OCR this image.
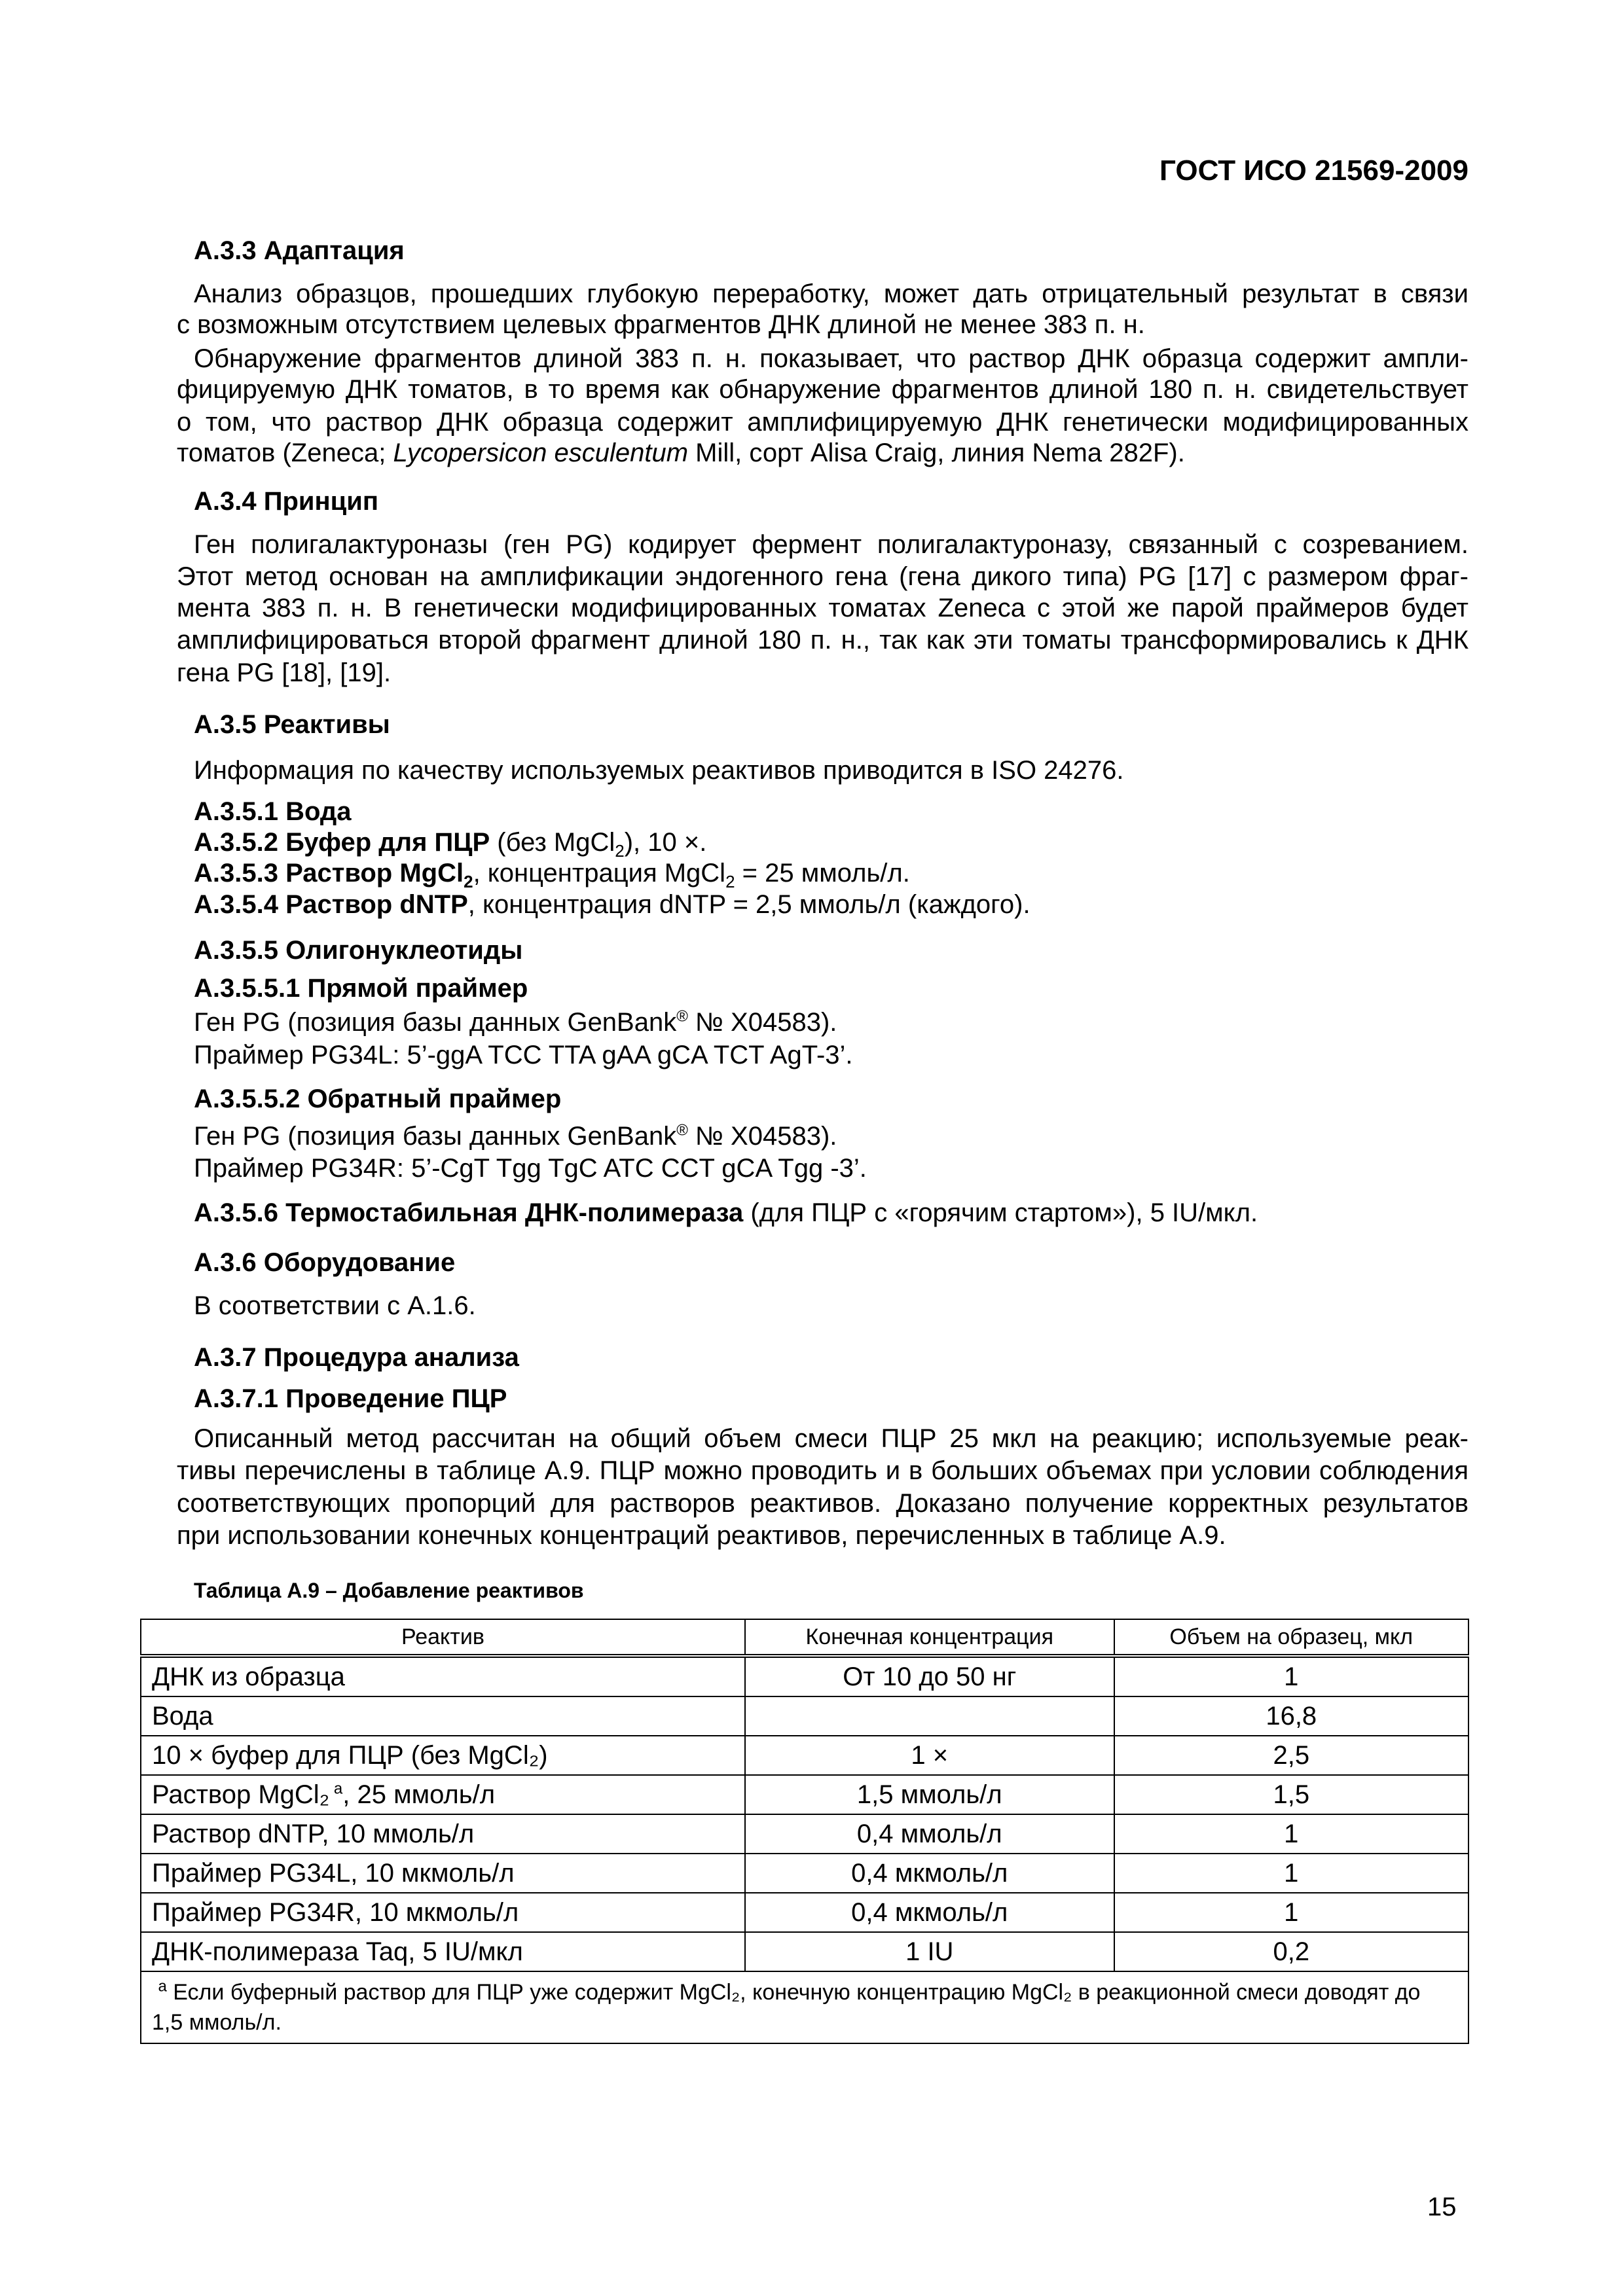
ГОСТ ИСО 21569-2009
А.3.3 Адаптация
Анализ образцов, прошедших глубокую переработку, может дать отрицательный результат в связи
с возможным отсутствием целевых фрагментов ДНК длиной не менее 383 п. н.
Обнаружение фрагментов длиной 383 п. н. показывает, что раствор ДНК образца содержит ампли-
фицируемую ДНК томатов, в то время как обнаружение фрагментов длиной 180 п. н. свидетельствует
о том, что раствор ДНК образца содержит амплифицируемую ДНК генетически модифицированных
томатов (Zeneca; Lycopersicon esculentum Mill, сорт Alisa Craig, линия Nema 282F).
А.3.4 Принцип
Ген полигалактуроназы (ген PG) кодирует фермент полигалактуроназу, связанный с созреванием.
Этот метод основан на амплификации эндогенного гена (гена дикого типа) PG [17] с размером фраг-
мента 383 п. н. В генетически модифицированных томатах Zeneca с этой же парой праймеров будет
амплифицироваться второй фрагмент длиной 180 п. н., так как эти томаты трансформировались к ДНК
гена PG [18], [19].
А.3.5 Реактивы
Информация по качеству используемых реактивов приводится в ISO 24276.
А.3.5.1 Вода
А.3.5.2 Буфер для ПЦР (без MgCl$_2$), 10 ×.
А.3.5.3 Раствор MgCl$_2$, концентрация MgCl$_2$ = 25 ммоль/л.
А.3.5.4 Раствор dNTP, концентрация dNTP = 2,5 ммоль/л (каждого).
А.3.5.5 Олигонуклеотиды
А.3.5.5.1 Прямой праймер
Ген PG (позиция базы данных GenBank® № X04583).
Праймер PG34L: 5’-ggA TCC TTA gAA gCA TCT AgT-3’.
А.3.5.5.2 Обратный праймер
Ген PG (позиция базы данных GenBank® № X04583).
Праймер PG34R: 5’-CgT Tgg TgC ATC CCT gCA Tgg -3’.
А.3.5.6 Термостабильная ДНК-полимераза (для ПЦР с «горячим стартом»), 5 IU/мкл.
А.3.6 Оборудование
В соответствии с А.1.6.
А.3.7 Процедура анализа
А.3.7.1 Проведение ПЦР
Описанный метод рассчитан на общий объем смеси ПЦР 25 мкл на реакцию; используемые реак-
тивы перечислены в таблице А.9. ПЦР можно проводить и в больших объемах при условии соблюдения
соответствующих пропорций для растворов реактивов. Доказано получение корректных результатов
при использовании конечных концентраций реактивов, перечисленных в таблице А.9.
Таблица А.9 – Добавление реактивов
Реактив	Конечная концентрация	Объем на образец, мкл
ДНК из образца	От 10 до 50 нг	1
Вода		16,8
10 × буфер для ПЦР (без MgCl₂)	1 ×	2,5
Раствор MgCl₂ $^a$, 25 ммоль/л	1,5 ммоль/л	1,5
Раствор dNTP, 10 ммоль/л	0,4 ммоль/л	1
Праймер PG34L, 10 мкмоль/л	0,4 мкмоль/л	1
Праймер PG34R, 10 мкмоль/л	0,4 мкмоль/л	1
ДНК-полимераза Taq, 5 IU/мкл	1 IU	0,2
$^a$ Если буферный раствор для ПЦР уже содержит MgCl₂, конечную концентрацию MgCl₂ в реакционной смеси доводят до 1,5 ммоль/л.		
15
